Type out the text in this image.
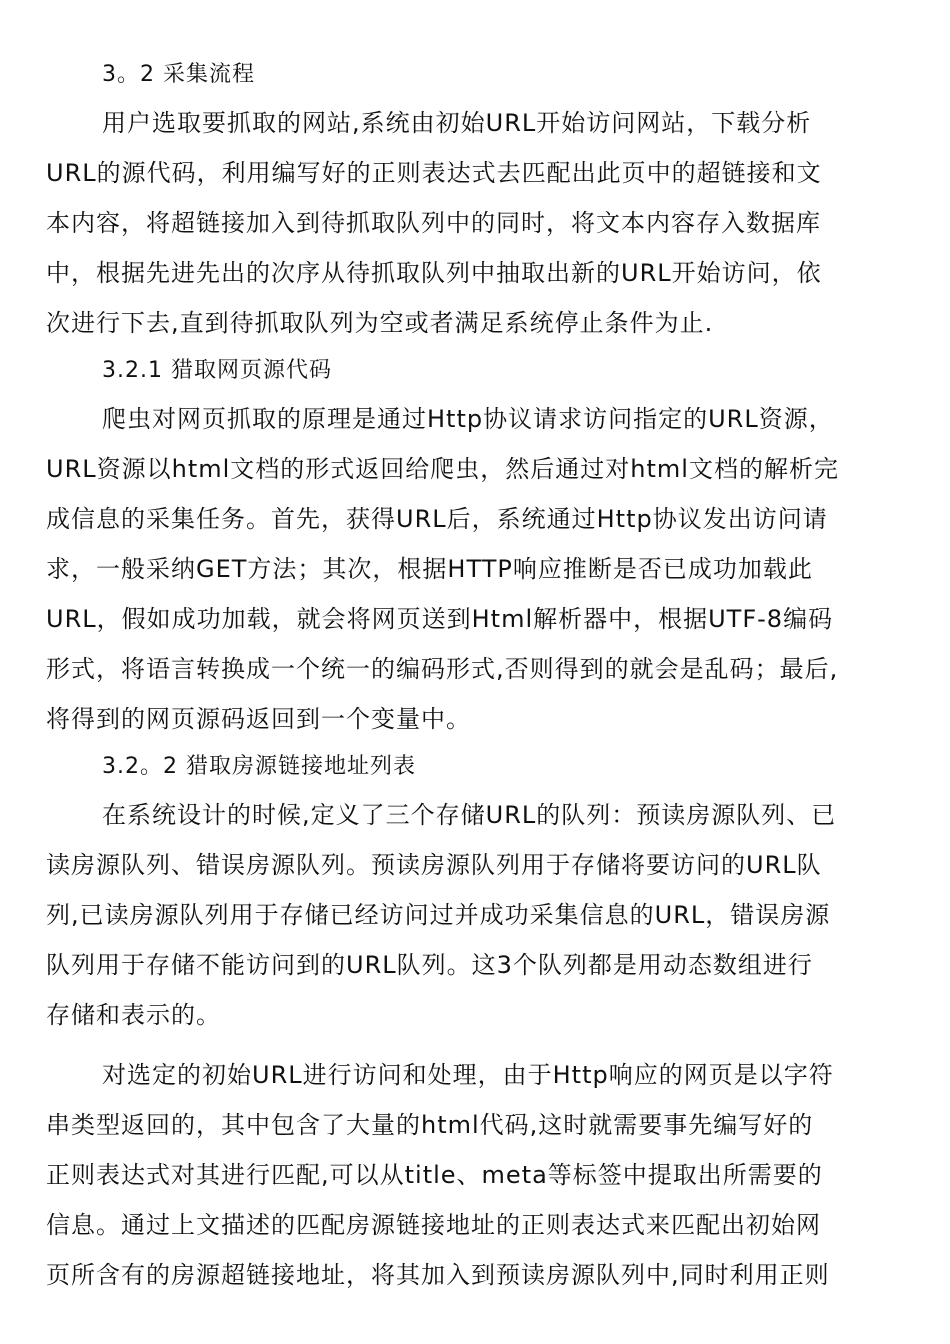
3。2 采集流程
用户选取要抓取的网站,系统由初始URL开始访问网站，下载分析
URL的源代码，利用编写好的正则表达式去匹配出此页中的超链接和文
本内容，将超链接加入到待抓取队列中的同时，将文本内容存入数据库
中，根据先进先出的次序从待抓取队列中抽取出新的URL开始访问，依
次进行下去,直到待抓取队列为空或者满足系统停止条件为止.
3.2.1 猎取网页源代码
爬虫对网页抓取的原理是通过Http协议请求访问指定的URL资源，
URL资源以html文档的形式返回给爬虫，然后通过对html文档的解析完
成信息的采集任务。首先，获得URL后，系统通过Http协议发出访问请
求，一般采纳GET方法；其次，根据HTTP响应推断是否已成功加载此
URL，假如成功加载，就会将网页送到Html解析器中，根据UTF-8编码
形式，将语言转换成一个统一的编码形式,否则得到的就会是乱码；最后,
将得到的网页源码返回到一个变量中。
3.2。2 猎取房源链接地址列表
在系统设计的时候,定义了三个存储URL的队列：预读房源队列、已
读房源队列、错误房源队列。预读房源队列用于存储将要访问的URL队
列,已读房源队列用于存储已经访问过并成功采集信息的URL，错误房源
队列用于存储不能访问到的URL队列。这3个队列都是用动态数组进行
存储和表示的。
对选定的初始URL进行访问和处理，由于Http响应的网页是以字符
串类型返回的，其中包含了大量的html代码,这时就需要事先编写好的
正则表达式对其进行匹配,可以从title、meta等标签中提取出所需要的
信息。通过上文描述的匹配房源链接地址的正则表达式来匹配出初始网
页所含有的房源超链接地址，将其加入到预读房源队列中,同时利用正则
